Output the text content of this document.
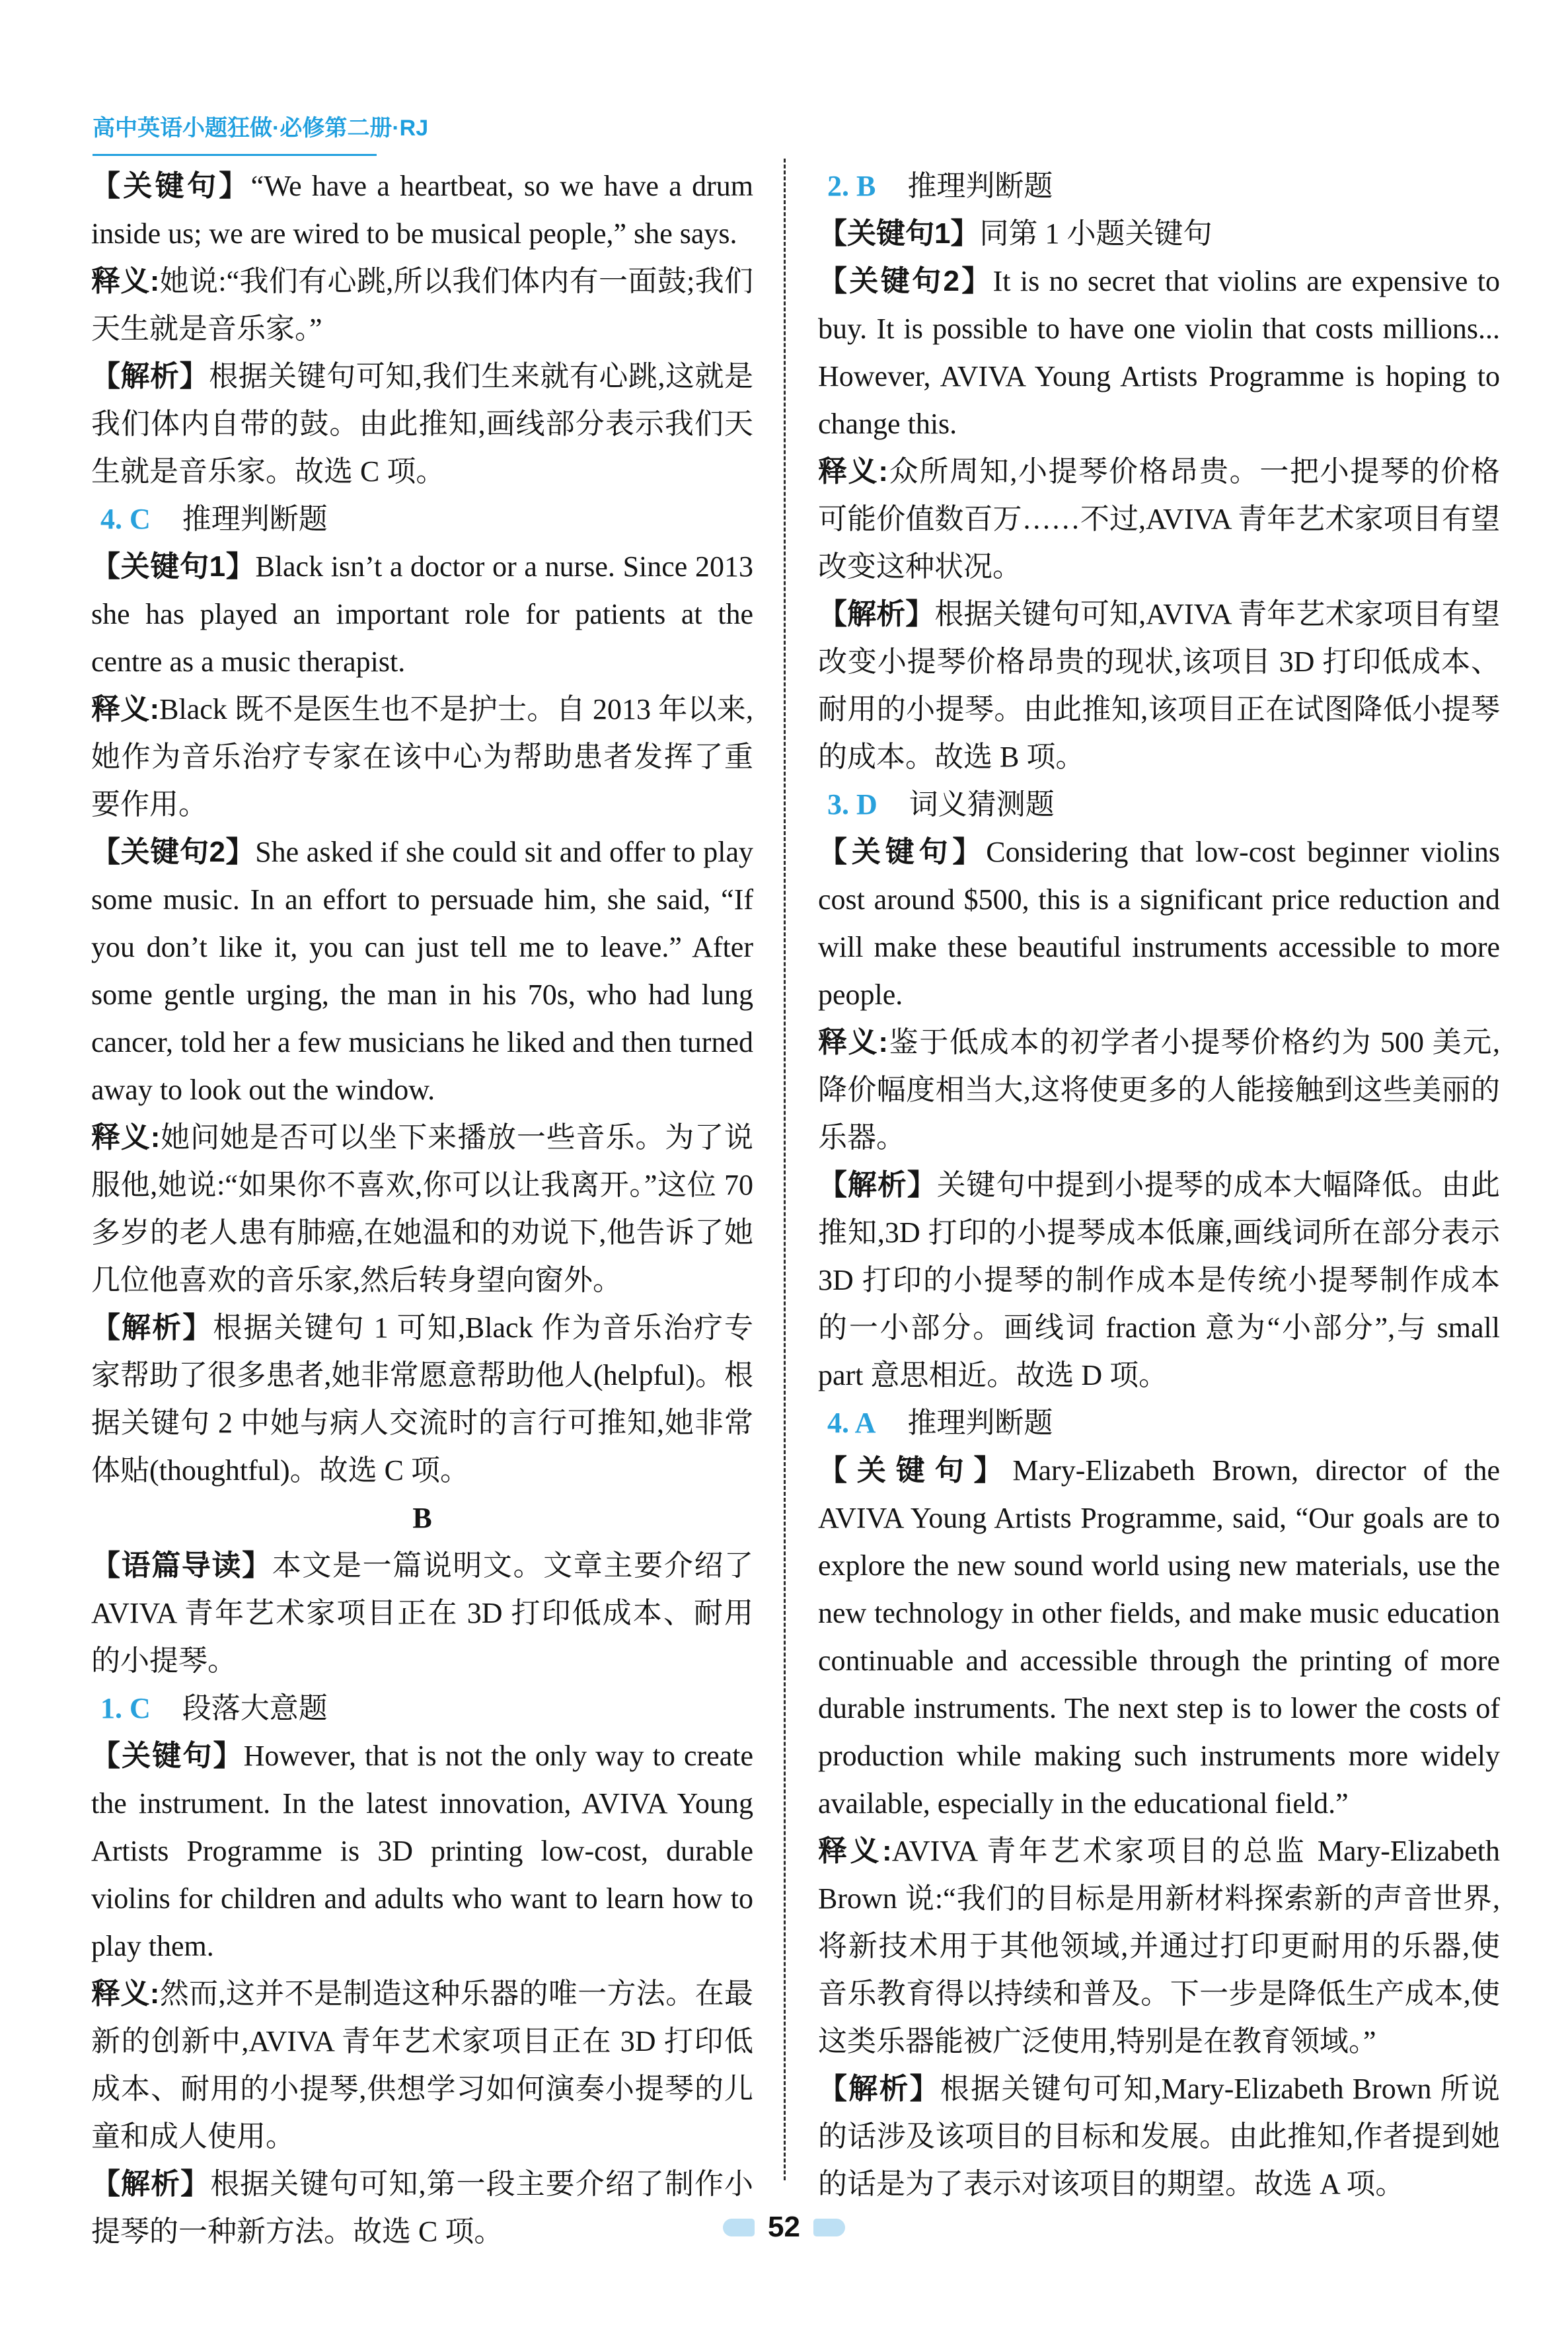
高中英语小题狂做·必修第二册·RJ

【关键句】“We have a heartbeat, so we have a drum inside us; we are wired to be musical people,” she says.

释义:她说:“我们有心跳,所以我们体内有一面鼓;我们天生就是音乐家。”

【解析】根据关键句可知,我们生来就有心跳,这就是我们体内自带的鼓。由此推知,画线部分表示我们天生就是音乐家。故选 C 项。

4. C 推理判断题

【关键句1】Black isn’t a doctor or a nurse. Since 2013 she has played an important role for patients at the centre as a music therapist.

释义:Black 既不是医生也不是护士。自 2013 年以来,她作为音乐治疗专家在该中心为帮助患者发挥了重要作用。

【关键句2】She asked if she could sit and offer to play some music. In an effort to persuade him, she said, “If you don’t like it, you can just tell me to leave.” After some gentle urging, the man in his 70s, who had lung cancer, told her a few musicians he liked and then turned away to look out the window.

释义:她问她是否可以坐下来播放一些音乐。为了说服他,她说:“如果你不喜欢,你可以让我离开。”这位 70 多岁的老人患有肺癌,在她温和的劝说下,他告诉了她几位他喜欢的音乐家,然后转身望向窗外。

【解析】根据关键句 1 可知,Black 作为音乐治疗专家帮助了很多患者,她非常愿意帮助他人(helpful)。根据关键句 2 中她与病人交流时的言行可推知,她非常体贴(thoughtful)。故选 C 项。

B

【语篇导读】本文是一篇说明文。文章主要介绍了 AVIVA 青年艺术家项目正在 3D 打印低成本、耐用的小提琴。

1. C 段落大意题

【关键句】However, that is not the only way to create the instrument. In the latest innovation, AVIVA Young Artists Programme is 3D printing low-cost, durable violins for children and adults who want to learn how to play them.

释义:然而,这并不是制造这种乐器的唯一方法。在最新的创新中,AVIVA 青年艺术家项目正在 3D 打印低成本、耐用的小提琴,供想学习如何演奏小提琴的儿童和成人使用。

【解析】根据关键句可知,第一段主要介绍了制作小提琴的一种新方法。故选 C 项。

2. B 推理判断题

【关键句1】同第 1 小题关键句

【关键句2】It is no secret that violins are expensive to buy. It is possible to have one violin that costs millions... However, AVIVA Young Artists Programme is hoping to change this.

释义:众所周知,小提琴价格昂贵。一把小提琴的价格可能价值数百万……不过,AVIVA 青年艺术家项目有望改变这种状况。

【解析】根据关键句可知,AVIVA 青年艺术家项目有望改变小提琴价格昂贵的现状,该项目 3D 打印低成本、耐用的小提琴。由此推知,该项目正在试图降低小提琴的成本。故选 B 项。

3. D 词义猜测题

【关键句】Considering that low-cost beginner violins cost around $500, this is a significant price reduction and will make these beautiful instruments accessible to more people.

释义:鉴于低成本的初学者小提琴价格约为 500 美元,降价幅度相当大,这将使更多的人能接触到这些美丽的乐器。

【解析】关键句中提到小提琴的成本大幅降低。由此推知,3D 打印的小提琴成本低廉,画线词所在部分表示 3D 打印的小提琴的制作成本是传统小提琴制作成本的一小部分。画线词 fraction 意为“小部分”,与 small part 意思相近。故选 D 项。

4. A 推理判断题

【关键句】Mary-Elizabeth Brown, director of the AVIVA Young Artists Programme, said, “Our goals are to explore the new sound world using new materials, use the new technology in other fields, and make music education continuable and accessible through the printing of more durable instruments. The next step is to lower the costs of production while making such instruments more widely available, especially in the educational field.”

释义:AVIVA 青年艺术家项目的总监 Mary-Elizabeth Brown 说:“我们的目标是用新材料探索新的声音世界,将新技术用于其他领域,并通过打印更耐用的乐器,使音乐教育得以持续和普及。下一步是降低生产成本,使这类乐器能被广泛使用,特别是在教育领域。”

【解析】根据关键句可知,Mary-Elizabeth Brown 所说的话涉及该项目的目标和发展。由此推知,作者提到她的话是为了表示对该项目的期望。故选 A 项。

52
